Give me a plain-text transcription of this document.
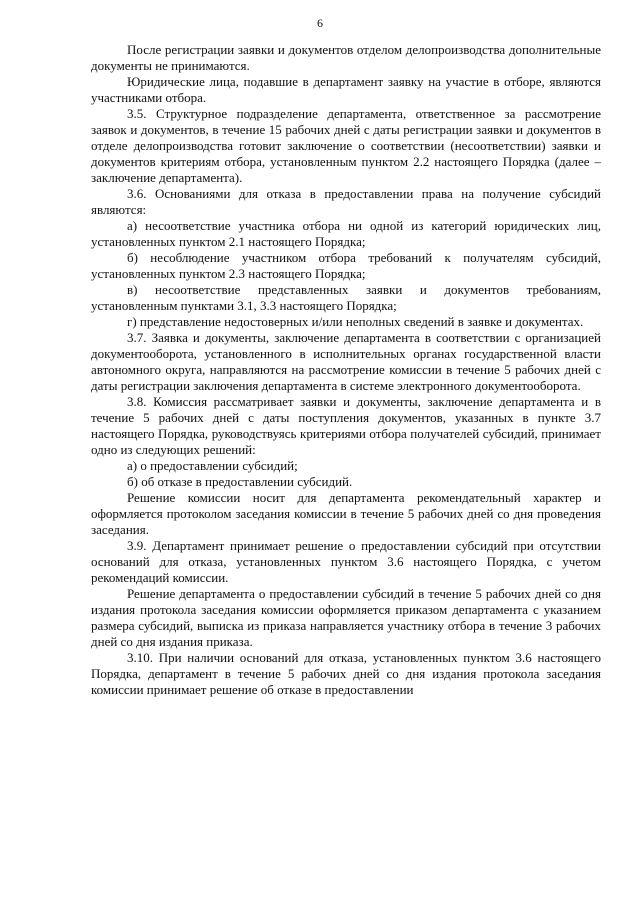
6

После регистрации заявки и документов отделом делопроизводства дополнительные документы не принимаются.

Юридические лица, подавшие в департамент заявку на участие в отборе, являются участниками отбора.

3.5. Структурное подразделение департамента, ответственное за рассмотрение заявок и документов, в течение 15 рабочих дней с даты регистрации заявки и документов в отделе делопроизводства готовит заключение о соответствии (несоответствии) заявки и документов критериям отбора, установленным пунктом 2.2 настоящего Порядка (далее – заключение департамента).

3.6. Основаниями для отказа в предоставлении права на получение субсидий являются:

а) несоответствие участника отбора ни одной из категорий юридических лиц, установленных пунктом 2.1 настоящего Порядка;

б) несоблюдение участником отбора требований к получателям субсидий, установленных пунктом 2.3 настоящего Порядка;

в) несоответствие представленных заявки и документов требованиям, установленным пунктами 3.1, 3.3 настоящего Порядка;

г) представление недостоверных и/или неполных сведений в заявке и документах.

3.7. Заявка и документы, заключение департамента в соответствии с организацией документооборота, установленного в исполнительных органах государственной власти автономного округа, направляются на рассмотрение комиссии в течение 5 рабочих дней с даты регистрации заключения департамента в системе электронного документооборота.

3.8. Комиссия рассматривает заявки и документы, заключение департамента и в течение 5 рабочих дней с даты поступления документов, указанных в пункте 3.7 настоящего Порядка, руководствуясь критериями отбора получателей субсидий, принимает одно из следующих решений:

а) о предоставлении субсидий;

б) об отказе в предоставлении субсидий.

Решение комиссии носит для департамента рекомендательный характер и оформляется протоколом заседания комиссии в течение 5 рабочих дней со дня проведения заседания.

3.9. Департамент принимает решение о предоставлении субсидий при отсутствии оснований для отказа, установленных пунктом 3.6 настоящего Порядка, с учетом рекомендаций комиссии.

Решение департамента о предоставлении субсидий в течение 5 рабочих дней со дня издания протокола заседания комиссии оформляется приказом департамента с указанием размера субсидий, выписка из приказа направляется участнику отбора в течение 3 рабочих дней со дня издания приказа.

3.10. При наличии оснований для отказа, установленных пунктом 3.6 настоящего Порядка, департамент в течение 5 рабочих дней со дня издания протокола заседания комиссии принимает решение об отказе в предоставлении
